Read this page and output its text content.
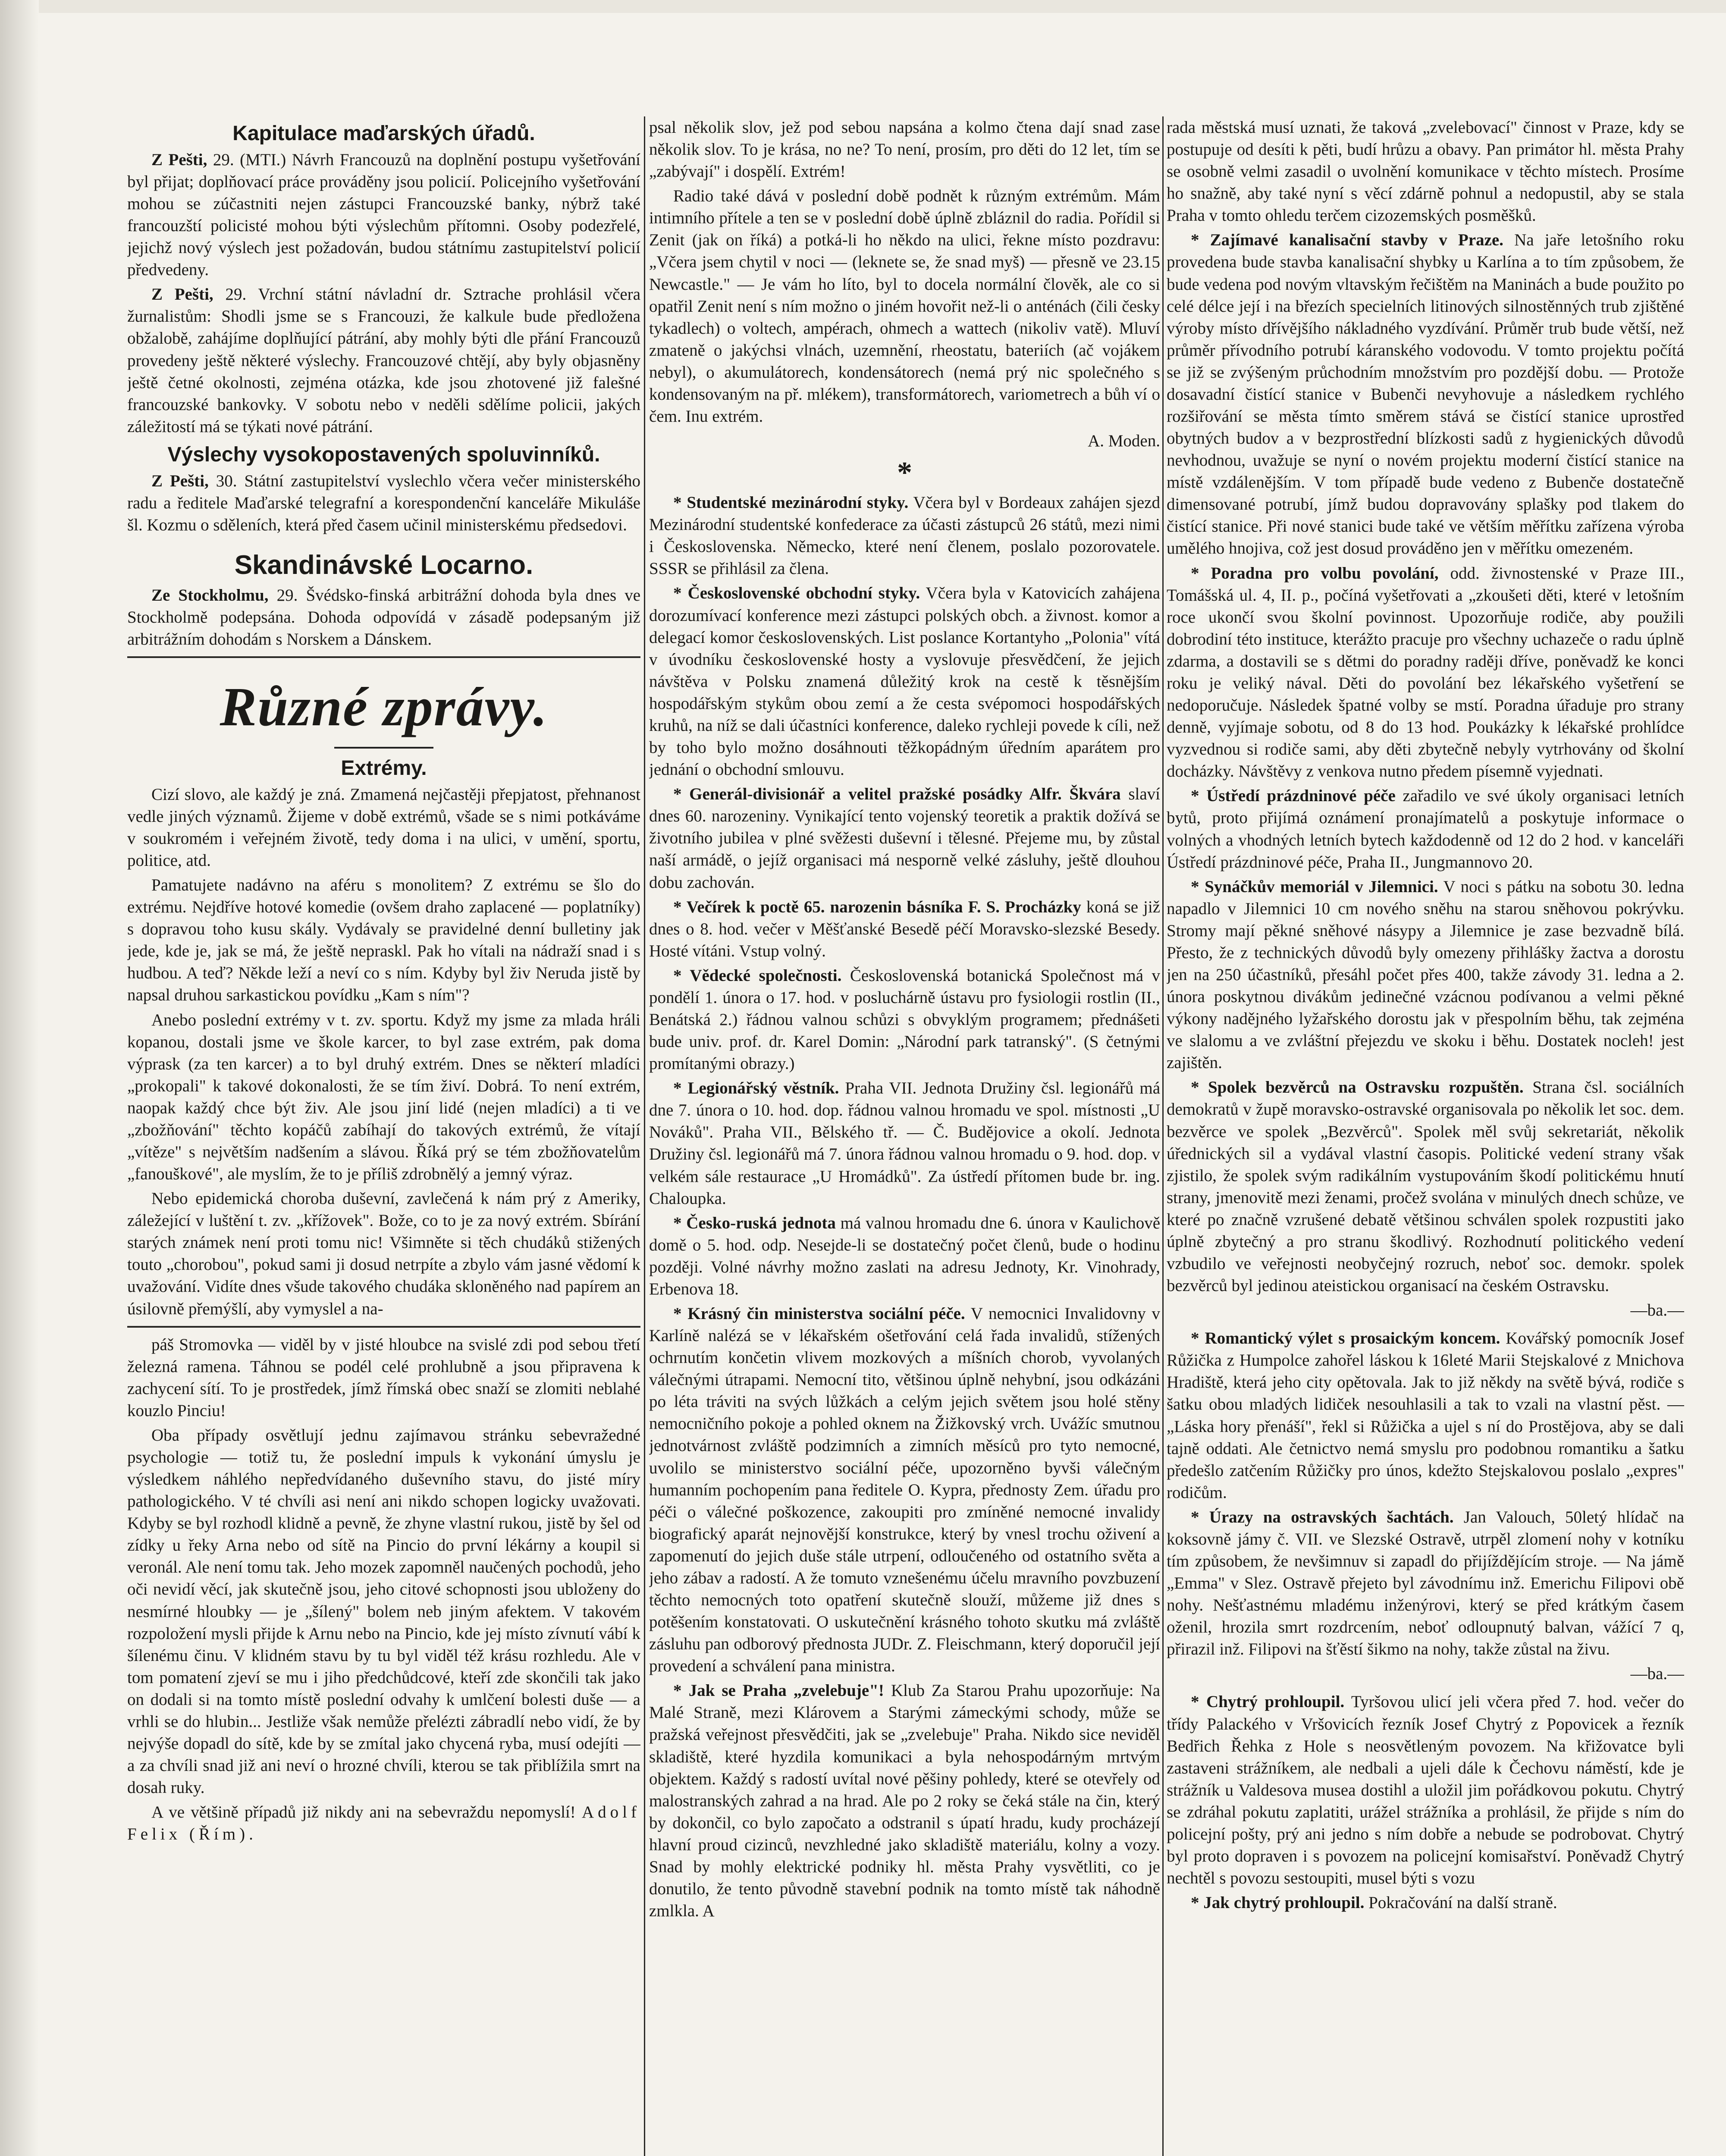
Kapitulace maďarských úřadů.

Z Pešti, 29. (MTI.) Návrh Francouzů na doplnění postupu vyšetřování byl přijat; doplňovací práce prováděny jsou policií. Policejního vyšetřování mohou se zúčastniti nejen zástupci Francouzské banky, nýbrž také francouzští policisté mohou býti výslechům přítomni. Osoby podezřelé, jejichž nový výslech jest požadován, budou státnímu zastupitelství policií předvedeny.

Z Pešti, 29. Vrchní státní návladní dr. Sztrache prohlásil včera žurnalistům: Shodli jsme se s Francouzi, že kalkule bude předložena obžalobě, zahájíme doplňující pátrání, aby mohly býti dle přání Francouzů provedeny ještě některé výslechy. Francouzové chtějí, aby byly objasněny ještě četné okolnosti, zejména otázka, kde jsou zhotovené již falešné francouzské bankovky. V sobotu nebo v neděli sdělíme policii, jakých záležitostí má se týkati nové pátrání.

Výslechy vysokopostavených spoluvinníků.

Z Pešti, 30. Státní zastupitelství vyslechlo včera večer ministerského radu a ředitele Maďarské telegrafní a korespondenční kanceláře Mikuláše šl. Kozmu o sděleních, která před časem učinil ministerskému předsedovi.

Skandinávské Locarno.

Ze Stockholmu, 29. Švédsko-finská arbitrážní dohoda byla dnes ve Stockholmě podepsána. Dohoda odpovídá v zásadě podepsaným již arbitrážním dohodám s Norskem a Dánskem.

Různé zprávy.
Extrémy.

Cizí slovo, ale každý je zná. Zmamená nejčastěji přepjatost, přehnanost vedle jiných významů. Žijeme v době extrémů, všade se s nimi potkáváme v soukromém i veřejném životě, tedy doma i na ulici, v umění, sportu, politice, atd.

Pamatujete nadávno na aféru s monolitem? Z extrému se šlo do extrému. Nejdříve hotové komedie (ovšem draho zaplacené — poplatníky) s dopravou toho kusu skály. Vydávaly se pravidelné denní bulletiny jak jede, kde je, jak se má, že ještě nepraskl. Pak ho vítali na nádraží snad i s hudbou. A teď? Někde leží a neví co s ním. Kdyby byl živ Neruda jistě by napsal druhou sarkastickou povídku „Kam s ním"?

Anebo poslední extrémy v t. zv. sportu. Když my jsme za mlada hráli kopanou, dostali jsme ve škole karcer, to byl zase extrém, pak doma výprask (za ten karcer) a to byl druhý extrém. Dnes se některí mladíci „prokopali" k takové dokonalosti, že se tím živí. Dobrá. To není extrém, naopak každý chce být živ. Ale jsou jiní lidé (nejen mladíci) a ti ve „zbožňování" těchto kopáčů zabíhají do takových extrémů, že vítají „vítěze" s největším nadšením a slávou. Říká prý se tém zbožňovatelům „fanouškové", ale myslím, že to je příliš zdrobnělý a jemný výraz.

Nebo epidemická choroba duševní, zavlečená k nám prý z Ameriky, záležející v luštění t. zv. „křížovek". Bože, co to je za nový extrém. Sbírání starých známek není proti tomu nic! Všimněte si těch chudáků stižených touto „chorobou", pokud sami ji dosud netrpíte a zbylo vám jasné vědomí k uvažování. Vidíte dnes všude takového chudáka skloněného nad papírem an úsilovně přemýšlí, aby vymyslel a na-

páš Stromovka — viděl by v jisté hloubce na svislé zdi pod sebou třetí železná ramena. Táhnou se podél celé prohlubně a jsou připravena k zachycení sítí. To je prostředek, jímž římská obec snaží se zlomiti neblahé kouzlo Pinciu!

Oba případy osvětlují jednu zajímavou stránku sebevražedné psychologie — totiž tu, že poslední impuls k vykonání úmyslu je výsledkem náhlého nepředvídaného duševního stavu, do jisté míry pathologického. V té chvíli asi není ani nikdo schopen logicky uvažovati. Kdyby se byl rozhodl klidně a pevně, že zhyne vlastní rukou, jistě by šel od zídky u řeky Arna nebo od sítě na Pincio do první lékárny a koupil si veronál. Ale není tomu tak. Jeho mozek zapomněl naučených pochodů, jeho oči nevidí věcí, jak skutečně jsou, jeho citové schopnosti jsou ubloženy do nesmírné hloubky — je „šílený" bolem neb jiným afektem. V takovém rozpoložení mysli přijde k Arnu nebo na Pincio, kde jej místo zívnutí vábí k šílenému činu. V klidném stavu by tu byl viděl též krásu rozhledu. Ale v tom pomatení zjeví se mu i jiho předchůdcové, kteří zde skončili tak jako on dodali si na tomto místě poslední odvahy k umlčení bolesti duše — a vrhli se do hlubin... Jestliže však nemůže přelézti zábradlí nebo vidí, že by nejvýše dopadl do sítě, kde by se zmítal jako chycená ryba, musí odejíti — a za chvíli snad již ani neví o hrozné chvíli, kterou se tak přiblížila smrt na dosah ruky.

A ve většině případů již nikdy ani na sebevraždu nepomyslí! Adolf Felix (Řím).

psal několik slov, jež pod sebou napsána a kolmo čtena dají snad zase několik slov. To je krása, no ne? To není, prosím, pro děti do 12 let, tím se „zabývají" i dospělí. Extrém!

Radio také dává v poslední době podnět k různým extrémům. Mám intimního přítele a ten se v poslední době úplně zbláznil do radia. Pořídil si Zenit (jak on říká) a potká-li ho někdo na ulici, řekne místo pozdravu: „Včera jsem chytil v noci — (leknete se, že snad myš) — přesně ve 23.15 Newcastle." — Je vám ho líto, byl to docela normální člověk, ale co si opatřil Zenit není s ním možno o jiném hovořit než-li o anténách (čili česky tykadlech) o voltech, ampérach, ohmech a wattech (nikoliv vatě). Mluví zmateně o jakýchsi vlnách, uzemnění, rheostatu, bateriích (ač vojákem nebyl), o akumulátorech, kondensátorech (nemá prý nic společného s kondensovaným na př. mlékem), transformátorech, variometrech a bůh ví o čem. Inu extrém.

A. Moden.
*

* Studentské mezinárodní styky. Včera byl v Bordeaux zahájen sjezd Mezinárodní studentské konfederace za účasti zástupců 26 států, mezi nimi i Československa. Německo, které není členem, poslalo pozorovatele. SSSR se přihlásil za člena.

* Československé obchodní styky. Včera byla v Katovicích zahájena dorozumívací konference mezi zástupci polských obch. a živnost. komor a delegací komor československých. List poslance Kortantyho „Polonia" vítá v úvodníku československé hosty a vyslovuje přesvědčení, že jejich návštěva v Polsku znamená důležitý krok na cestě k těsnějším hospodářským stykům obou zemí a že cesta svépomoci hospodářských kruhů, na níž se dali účastníci konference, daleko rychleji povede k cíli, než by toho bylo možno dosáhnouti těžkopádným úředním aparátem pro jednání o obchodní smlouvu.

* Generál-divisionář a velitel pražské posádky Alfr. Škvára slaví dnes 60. narozeniny. Vynikající tento vojenský teoretik a praktik dožívá se životního jubilea v plné svěžesti duševní i tělesné. Přejeme mu, by zůstal naší armádě, o jejíž organisaci má nesporně velké zásluhy, ještě dlouhou dobu zachován.

* Večírek k poctě 65. narozenin básníka F. S. Procházky koná se již dnes o 8. hod. večer v Měšťanské Besedě péčí Moravsko-slezské Besedy. Hosté vítáni. Vstup volný.

* Vědecké společnosti. Československá botanická Společnost má v pondělí 1. února o 17. hod. v posluchárně ústavu pro fysiologii rostlin (II., Benátská 2.) řádnou valnou schůzi s obvyklým programem; přednášeti bude univ. prof. dr. Karel Domin: „Národní park tatranský". (S četnými promítanými obrazy.)

* Legionářský věstník. Praha VII. Jednota Družiny čsl. legionářů má dne 7. února o 10. hod. dop. řádnou valnou hromadu ve spol. místnosti „U Nováků". Praha VII., Bělského tř. — Č. Budějovice a okolí. Jednota Družiny čsl. legionářů má 7. února řádnou valnou hromadu o 9. hod. dop. v velkém sále restaurace „U Hromádků". Za ústředí přítomen bude br. ing. Chaloupka.

* Česko-ruská jednota má valnou hromadu dne 6. února v Kaulichově domě o 5. hod. odp. Nesejde-li se dostatečný počet členů, bude o hodinu později. Volné návrhy možno zaslati na adresu Jednoty, Kr. Vinohrady, Erbenova 18.

* Krásný čin ministerstva sociální péče. V nemocnici Invalidovny v Karlíně nalézá se v lékařském ošetřování celá řada invalidů, stížených ochrnutím končetin vlivem mozkových a míšních chorob, vyvolaných válečnými útrapami. Nemocní tito, většinou úplně nehybní, jsou odkázáni po léta tráviti na svých lůžkách a celým jejich světem jsou holé stěny nemocničního pokoje a pohled oknem na Žižkovský vrch. Uvážíc smutnou jednotvárnost zvláště podzimních a zimních měsíců pro tyto nemocné, uvolilo se ministerstvo sociální péče, upozorněno byvši válečným humanním pochopením pana ředitele O. Kypra, přednosty Zem. úřadu pro péči o válečné poškozence, zakoupiti pro zmíněné nemocné invalidy biografický aparát nejnovější konstrukce, který by vnesl trochu oživení a zapomenutí do jejich duše stále utrpení, odloučeného od ostatního světa a jeho zábav a radostí. A že tomuto vznešenému účelu mravního povzbuzení těchto nemocných toto opatření skutečně slouží, můžeme již dnes s potěšením konstatovati. O uskutečnění krásného tohoto skutku má zvláště zásluhu pan odborový přednosta JUDr. Z. Fleischmann, který doporučil její provedení a schválení pana ministra.

* Jak se Praha „zvelebuje"! Klub Za Starou Prahu upozorňuje: Na Malé Straně, mezi Klárovem a Starými zámeckými schody, může se pražská veřejnost přesvědčiti, jak se „zvelebuje" Praha. Nikdo sice neviděl skladiště, které hyzdila komunikaci a byla nehospodárným mrtvým objektem. Každý s radostí uvítal nové pěšiny pohledy, které se otevřely od malostranských zahrad a na hrad. Ale po 2 roky se čeká stále na čin, který by dokončil, co bylo započato a odstranil s úpatí hradu, kudy procházejí hlavní proud cizinců, nevzhledné jako skladiště materiálu, kolny a vozy. Snad by mohly elektrické podniky hl. města Prahy vysvětliti, co je donutilo, že tento původně stavební podnik na tomto místě tak náhodně zmlkla. A

rada městská musí uznati, že taková „zvelebovací" činnost v Praze, kdy se postupuje od desíti k pěti, budí hrůzu a obavy. Pan primátor hl. města Prahy se osobně velmi zasadil o uvolnění komunikace v těchto místech. Prosíme ho snažně, aby také nyní s věcí zdárně pohnul a nedopustil, aby se stala Praha v tomto ohledu terčem cizozemských posměšků.

* Zajímavé kanalisační stavby v Praze. Na jaře letošního roku provedena bude stavba kanalisační shybky u Karlína a to tím způsobem, že bude vedena pod novým vltavským řečištěm na Maninách a bude použito po celé délce její i na březích specielních litinových silnostěnných trub zjištěné výroby místo dřívějšího nákladného vyzdívání. Průměr trub bude větší, než průměr přívodního potrubí káranského vodovodu. V tomto projektu počítá se již se zvýšeným průchodním množstvím pro pozdější dobu. — Protože dosavadní čistící stanice v Bubenči nevyhovuje a následkem rychlého rozšiřování se města tímto směrem stává se čistící stanice uprostřed obytných budov a v bezprostřední blízkosti sadů z hygienických důvodů nevhodnou, uvažuje se nyní o novém projektu moderní čistící stanice na místě vzdálenějším. V tom případě bude vedeno z Bubenče dostatečně dimensované potrubí, jímž budou dopravovány splašky pod tlakem do čistící stanice. Při nové stanici bude také ve větším měřítku zařízena výroba umělého hnojiva, což jest dosud prováděno jen v měřítku omezeném.

* Poradna pro volbu povolání, odd. živnostenské v Praze III., Tomášská ul. 4, II. p., počíná vyšetřovati a „zkoušeti děti, které v letošním roce ukončí svou školní povinnost. Upozorňuje rodiče, aby použili dobrodiní této instituce, kterážto pracuje pro všechny uchazeče o radu úplně zdarma, a dostavili se s dětmi do poradny raději dříve, poněvadž ke konci roku je veliký nával. Děti do povolání bez lékařského vyšetření se nedoporučuje. Následek špatné volby se mstí. Poradna úřaduje pro strany denně, vyjímaje sobotu, od 8 do 13 hod. Poukázky k lékařské prohlídce vyzvednou si rodiče sami, aby děti zbytečně nebyly vytrhovány od školní docházky. Návštěvy z venkova nutno předem písemně vyjednati.

* Ústředí prázdninové péče zařadilo ve své úkoly organisaci letních bytů, proto přijímá oznámení pronajímatelů a poskytuje informace o volných a vhodných letních bytech každodenně od 12 do 2 hod. v kanceláři Ústředí prázdninové péče, Praha II., Jungmannovo 20.

* Synáčkův memoriál v Jilemnici. V noci s pátku na sobotu 30. ledna napadlo v Jilemnici 10 cm nového sněhu na starou sněhovou pokrývku. Stromy mají pěkné sněhové násypy a Jilemnice je zase bezvadně bílá. Přesto, že z technických důvodů byly omezeny přihlášky žactva a dorostu jen na 250 účastníků, přesáhl počet přes 400, takže závody 31. ledna a 2. února poskytnou divákům jedinečné vzácnou podívanou a velmi pěkné výkony nadějného lyžařského dorostu jak v přespolním běhu, tak zejména ve slalomu a ve zvláštní přejezdu ve skoku i běhu. Dostatek nocleh! jest zajištěn.

* Spolek bezvěrců na Ostravsku rozpuštěn. Strana čsl. sociálních demokratů v župě moravsko-ostravské organisovala po několik let soc. dem. bezvěrce ve spolek „Bezvěrců". Spolek měl svůj sekretariát, několik úřednických sil a vydával vlastní časopis. Politické vedení strany však zjistilo, že spolek svým radikálním vystupováním škodí politickému hnutí strany, jmenovitě mezi ženami, pročež svolána v minulých dnech schůze, ve které po značně vzrušené debatě většinou schválen spolek rozpustiti jako úplně zbytečný a pro stranu škodlivý. Rozhodnutí politického vedení vzbudilo ve veřejnosti neobyčejný rozruch, neboť soc. demokr. spolek bezvěrců byl jedinou ateistickou organisací na českém Ostravsku.

—ba.—

* Romantický výlet s prosaickým koncem. Kovářský pomocník Josef Růžička z Humpolce zahořel láskou k 16leté Marii Stejskalové z Mnichova Hradiště, která jeho city opětovala. Jak to již někdy na světě bývá, rodiče s šatku obou mladých lidiček nesouhlasili a tak to vzali na vlastní pěst. — „Láska hory přenáší", řekl si Růžička a ujel s ní do Prostějova, aby se dali tajně oddati. Ale četnictvo nemá smyslu pro podobnou romantiku a šatku předešlo zatčením Růžičky pro únos, kdežto Stejskalovou poslalo „expres" rodičům.

* Úrazy na ostravských šachtách. Jan Valouch, 50letý hlídač na koksovně jámy č. VII. ve Slezské Ostravě, utrpěl zlomení nohy v kotníku tím způsobem, že nevšimnuv si zapadl do přijíždějícím stroje. — Na jámě „Emma" v Slez. Ostravě přejeto byl závodnímu inž. Emerichu Filipovi obě nohy. Nešťastnému mladému inženýrovi, který se před krátkým časem oženil, hrozila smrt rozdrcením, neboť odloupnutý balvan, vážící 7 q, přirazil inž. Filipovi na šťěstí šikmo na nohy, takže zůstal na živu.

—ba.—

* Chytrý prohloupil. Tyršovou ulicí jeli včera před 7. hod. večer do třídy Palackého v Vršovicích řezník Josef Chytrý z Popovicek a řezník Bedřich Řehka z Hole s neosvětleným povozem. Na křižovatce byli zastaveni strážníkem, ale nedbali a ujeli dále k Čechovu náměstí, kde je strážník u Valdesova musea dostihl a uložil jim pořádkovou pokutu. Chytrý se zdráhal pokutu zaplatiti, urážel strážníka a prohlásil, že přijde s ním do policejní pošty, prý ani jedno s ním dobře a nebude se podrobovat. Chytrý byl proto dopraven i s povozem na policejní komisařství. Poněvadž Chytrý nechtěl s povozu sestoupiti, musel býti s vozu

* Jak chytrý prohloupil. Pokračování na další straně.
